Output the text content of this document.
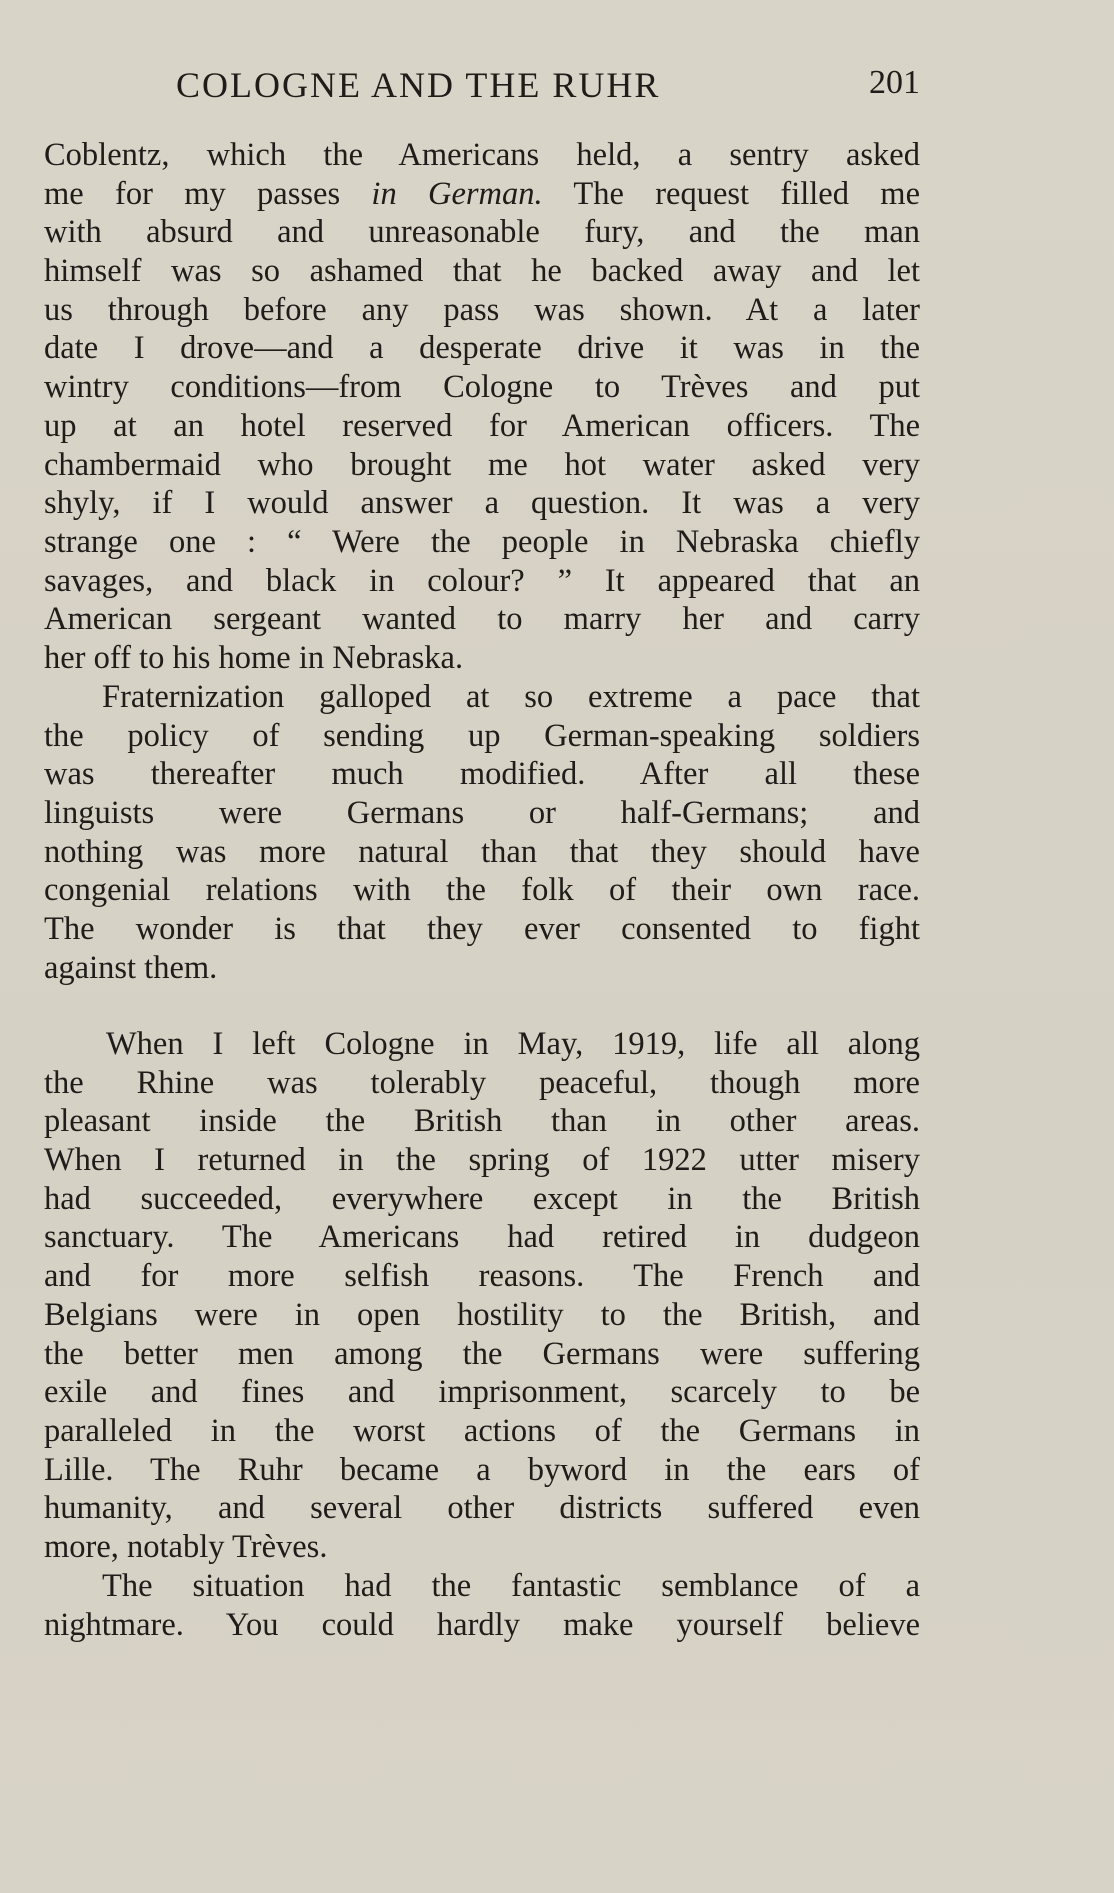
COLOGNE AND THE RUHR	201
Coblentz, which the Americans held, a sentry asked
me for my passes in German. The request filled me
with absurd and unreasonable fury, and the man
himself was so ashamed that he backed away and let
us through before any pass was shown. At a later
date I drove—and a desperate drive it was in the
wintry conditions—from Cologne to Trèves and put
up at an hotel reserved for American officers. The
chambermaid who brought me hot water asked very
shyly, if I would answer a question. It was a very
strange one : “ Were the people in Nebraska chiefly
savages, and black in colour? ” It appeared that an
American sergeant wanted to marry her and carry
her off to his home in Nebraska.
Fraternization galloped at so extreme a pace that
the policy of sending up German-speaking soldiers
was thereafter much modified. After all these
linguists were Germans or half-Germans; and
nothing was more natural than that they should have
congenial relations with the folk of their own race.
The wonder is that they ever consented to fight
against them.
When I left Cologne in May, 1919, life all along
the Rhine was tolerably peaceful, though more
pleasant inside the British than in other areas.
When I returned in the spring of 1922 utter misery
had succeeded, everywhere except in the British
sanctuary. The Americans had retired in dudgeon
and for more selfish reasons. The French and
Belgians were in open hostility to the British, and
the better men among the Germans were suffering
exile and fines and imprisonment, scarcely to be
paralleled in the worst actions of the Germans in
Lille. The Ruhr became a byword in the ears of
humanity, and several other districts suffered even
more, notably Trèves.
The situation had the fantastic semblance of a
nightmare. You could hardly make yourself believe
